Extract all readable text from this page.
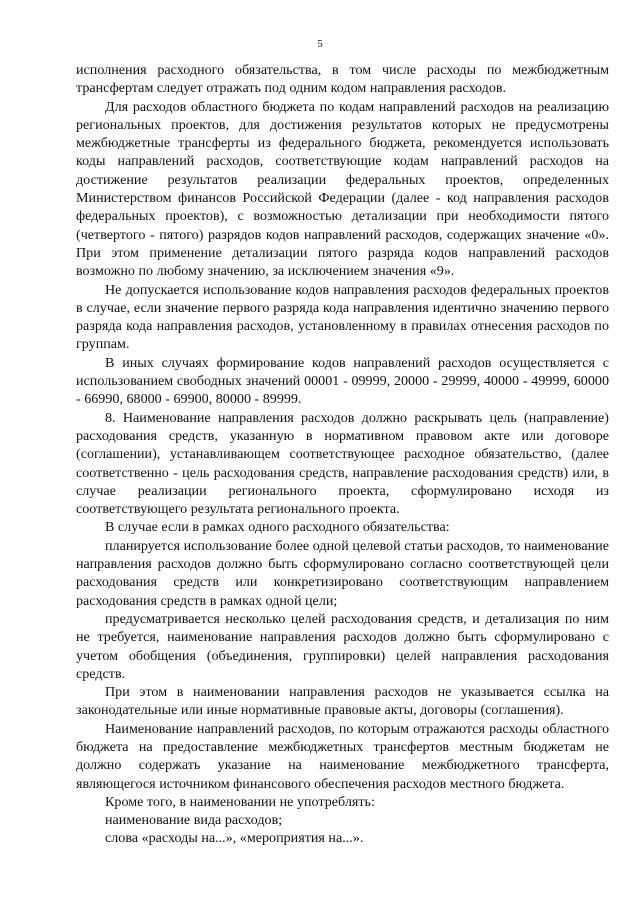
5

исполнения расходного обязательства, в том числе расходы по межбюджетным трансфертам следует отражать под одним кодом направления расходов.

Для расходов областного бюджета по кодам направлений расходов на реализацию региональных проектов, для достижения результатов которых не предусмотрены межбюджетные трансферты из федерального бюджета, рекомендуется использовать коды направлений расходов, соответствующие кодам направлений расходов на достижение результатов реализации федеральных проектов, определенных Министерством финансов Российской Федерации (далее - код направления расходов федеральных проектов), с возможностью детализации при необходимости пятого (четвертого - пятого) разрядов кодов направлений расходов, содержащих значение «0». При этом применение детализации пятого разряда кодов направлений расходов возможно по любому значению, за исключением значения «9».

Не допускается использование кодов направления расходов федеральных проектов в случае, если значение первого разряда кода направления идентично значению первого разряда кода направления расходов, установленному в правилах отнесения расходов по группам.

В иных случаях формирование кодов направлений расходов осуществляется с использованием свободных значений 00001 - 09999, 20000 - 29999, 40000 - 49999, 60000 - 66990, 68000 - 69900, 80000 - 89999.

8. Наименование направления расходов должно раскрывать цель (направление) расходования средств, указанную в нормативном правовом акте или договоре (соглашении), устанавливающем соответствующее расходное обязательство, (далее соответственно - цель расходования средств, направление расходования средств) или, в случае реализации регионального проекта, сформулировано исходя из соответствующего результата регионального проекта.

В случае если в рамках одного расходного обязательства:

планируется использование более одной целевой статьи расходов, то наименование направления расходов должно быть сформулировано согласно соответствующей цели расходования средств или конкретизировано соответствующим направлением расходования средств в рамках одной цели;

предусматривается несколько целей расходования средств, и детализация по ним не требуется, наименование направления расходов должно быть сформулировано с учетом обобщения (объединения, группировки) целей направления расходования средств.

При этом в наименовании направления расходов не указывается ссылка на законодательные или иные нормативные правовые акты, договоры (соглашения).

Наименование направлений расходов, по которым отражаются расходы областного бюджета на предоставление межбюджетных трансфертов местным бюджетам не должно содержать указание на наименование межбюджетного трансферта, являющегося источником финансового обеспечения расходов местного бюджета.

Кроме того, в наименовании не употреблять:

наименование вида расходов;

слова «расходы на...», «мероприятия на...».
